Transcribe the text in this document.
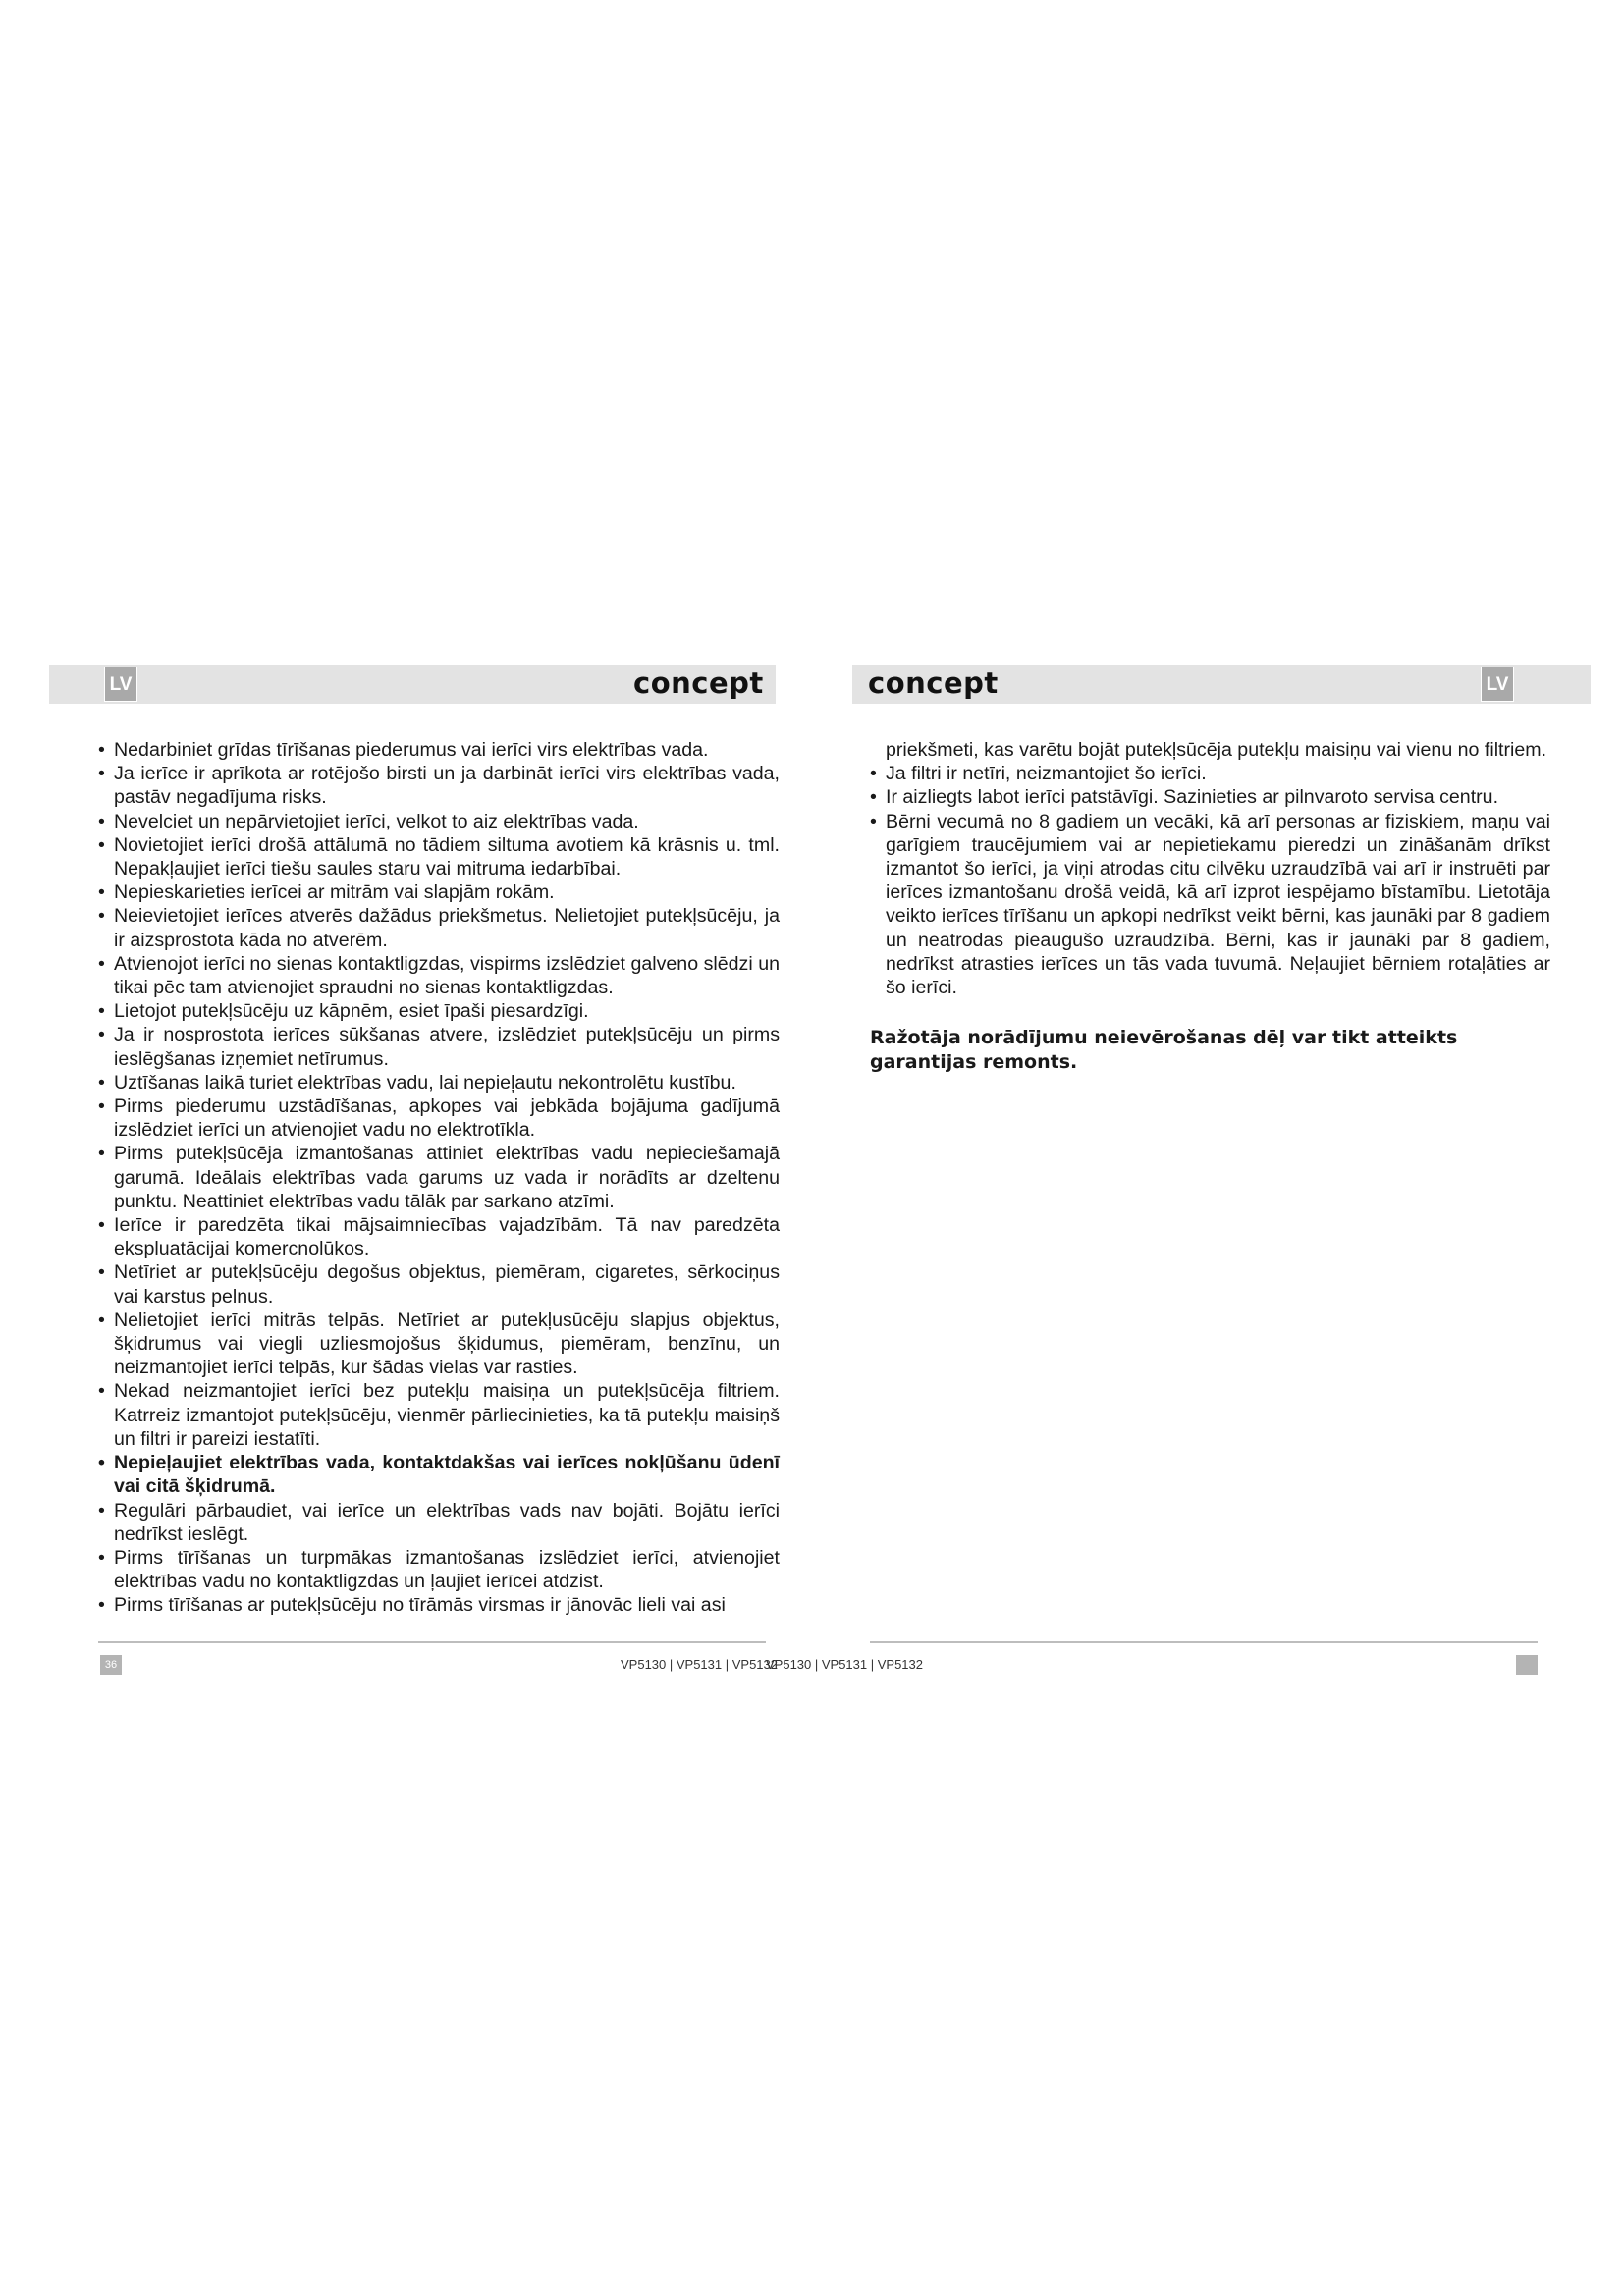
LV	LV
concept	concept

• Nedarbiniet grīdas tīrīšanas piederumus vai ierīci virs elektrības vada.

• Ja ierīce ir aprīkota ar rotējošo birsti un ja darbināt ierīci virs elektrības vada, pastāv negadījuma risks.

• Nevelciet un nepārvietojiet ierīci, velkot to aiz elektrības vada.

• Novietojiet ierīci drošā attālumā no tādiem siltuma avotiem kā krāsnis u. tml. Nepakļaujiet ierīci tiešu saules staru vai mitruma iedarbībai.

• Nepieskarieties ierīcei ar mitrām vai slapjām rokām.

• Neievietojiet ierīces atverēs dažādus priekšmetus. Nelietojiet putekļsūcēju, ja ir aizsprostota kāda no atverēm.

• Atvienojot ierīci no sienas kontaktligzdas, vispirms izslēdziet galveno slēdzi un tikai pēc tam atvienojiet spraudni no sienas kontaktligzdas.

• Lietojot putekļsūcēju uz kāpnēm, esiet īpaši piesardzīgi.

• Ja ir nosprostota ierīces sūkšanas atvere, izslēdziet putekļsūcēju un pirms ieslēgšanas izņemiet netīrumus.

• Uztīšanas laikā turiet elektrības vadu, lai nepieļautu nekontrolētu kustību.

• Pirms piederumu uzstādīšanas, apkopes vai jebkāda bojājuma gadījumā izslēdziet ierīci un atvienojiet vadu no elektrotīkla.

• Pirms putekļsūcēja izmantošanas attiniet elektrības vadu nepieciešamajā garumā. Ideālais elektrības vada garums uz vada ir norādīts ar dzeltenu punktu. Neattiniet elektrības vadu tālāk par sarkano atzīmi.

• Ierīce ir paredzēta tikai mājsaimniecības vajadzībām. Tā nav paredzēta ekspluatācijai komercnolūkos.

• Netīriet ar putekļsūcēju degošus objektus, piemēram, cigaretes, sērkociņus vai karstus pelnus.

• Nelietojiet ierīci mitrās telpās. Netīriet ar putekļusūcēju slapjus objektus, šķidrumus vai viegli uzliesmojošus šķidumus, piemēram, benzīnu, un neizmantojiet ierīci telpās, kur šādas vielas var rasties.

• Nekad neizmantojiet ierīci bez putekļu maisiņa un putekļsūcēja filtriem. Katrreiz izmantojot putekļsūcēju, vienmēr pārliecinieties, ka tā putekļu maisiņš un filtri ir pareizi iestatīti.

• Nepieļaujiet elektrības vada, kontaktdakšas vai ierīces nokļūšanu ūdenī vai citā šķidrumā.

• Regulāri pārbaudiet, vai ierīce un elektrības vads nav bojāti. Bojātu ierīci nedrīkst ieslēgt.

• Pirms tīrīšanas un turpmākas izmantošanas izslēdziet ierīci, atvienojiet elektrības vadu no kontaktligzdas un ļaujiet ierīcei atdzist.

• Pirms tīrīšanas ar putekļsūcēju no tīrāmās virsmas ir jānovāc lieli vai asi

priekšmeti, kas varētu bojāt putekļsūcēja putekļu maisiņu vai vienu no filtriem.

• Ja filtri ir netīri, neizmantojiet šo ierīci.

• Ir aizliegts labot ierīci patstāvīgi. Sazinieties ar pilnvaroto servisa centru.

• Bērni vecumā no 8 gadiem un vecāki, kā arī personas ar fiziskiem, maņu vai garīgiem traucējumiem vai ar nepietiekamu pieredzi un zināšanām drīkst izmantot šo ierīci, ja viņi atrodas citu cilvēku uzraudzībā vai arī ir instruēti par ierīces izmantošanu drošā veidā, kā arī izprot iespējamo bīstamību. Lietotāja veikto ierīces tīrīšanu un apkopi nedrīkst veikt bērni, kas jaunāki par 8 gadiem un neatrodas pieaugušo uzraudzībā. Bērni, kas ir jaunāki par 8 gadiem, nedrīkst atrasties ierīces un tās vada tuvumā. Neļaujiet bērniem rotaļāties ar šo ierīci.

Ražotāja norādījumu neievērošanas dēļ var tikt atteikts garantijas remonts.

36	VP5130 | VP5131 | VP5132
VP5130 | VP5131 | VP5132
